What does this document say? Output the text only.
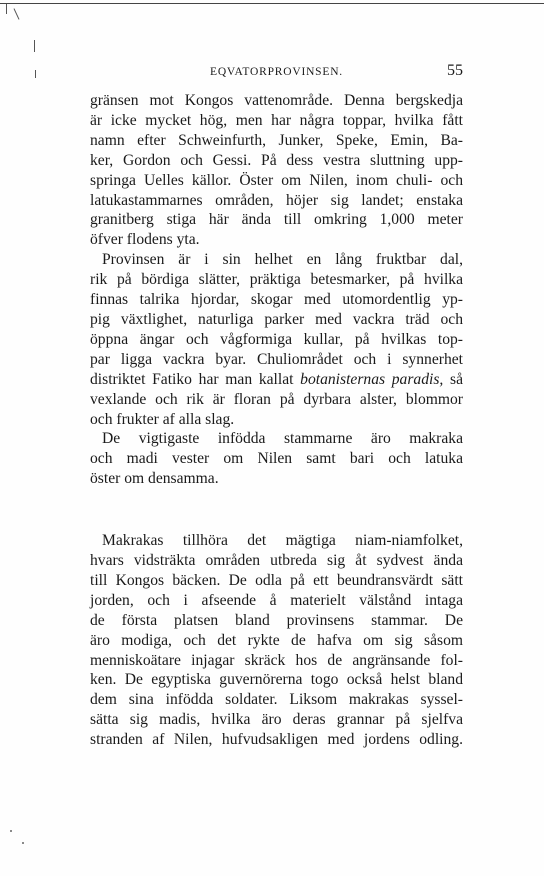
EQVATORPROVINSEN.	55

gränsen mot Kongos vattenområde. Denna bergskedja
är icke mycket hög, men har några toppar, hvilka fått
namn efter Schweinfurth, Junker, Speke, Emin, Ba-
ker, Gordon och Gessi. På dess vestra sluttning upp-
springa Uelles källor. Öster om Nilen, inom chuli- och
latukastammarnes områden, höjer sig landet; enstaka
granitberg stiga här ända till omkring 1,000 meter
öfver flodens yta.

Provinsen är i sin helhet en lång fruktbar dal,
rik på bördiga slätter, präktiga betesmarker, på hvilka
finnas talrika hjordar, skogar med utomordentlig yp-
pig växtlighet, naturliga parker med vackra träd och
öppna ängar och vågformiga kullar, på hvilkas top-
par ligga vackra byar. Chuliområdet och i synnerhet
distriktet Fatiko har man kallat botanisternas paradis, så
vexlande och rik är floran på dyrbara alster, blommor
och frukter af alla slag.

De vigtigaste infödda stammarne äro makraka
och madi vester om Nilen samt bari och latuka
öster om densamma.

Makrakas tillhöra det mägtiga niam-niamfolket,
hvars vidsträkta områden utbreda sig åt sydvest ända
till Kongos bäcken. De odla på ett beundransvärdt sätt
jorden, och i afseende å materielt välstånd intaga
de första platsen bland provinsens stammar. De
äro modiga, och det rykte de hafva om sig såsom
menniskoätare injagar skräck hos de angränsande fol-
ken. De egyptiska guvernörerna togo också helst bland
dem sina infödda soldater. Liksom makrakas syssel-
sätta sig madis, hvilka äro deras grannar på sjelfva
stranden af Nilen, hufvudsakligen med jordens odling.
